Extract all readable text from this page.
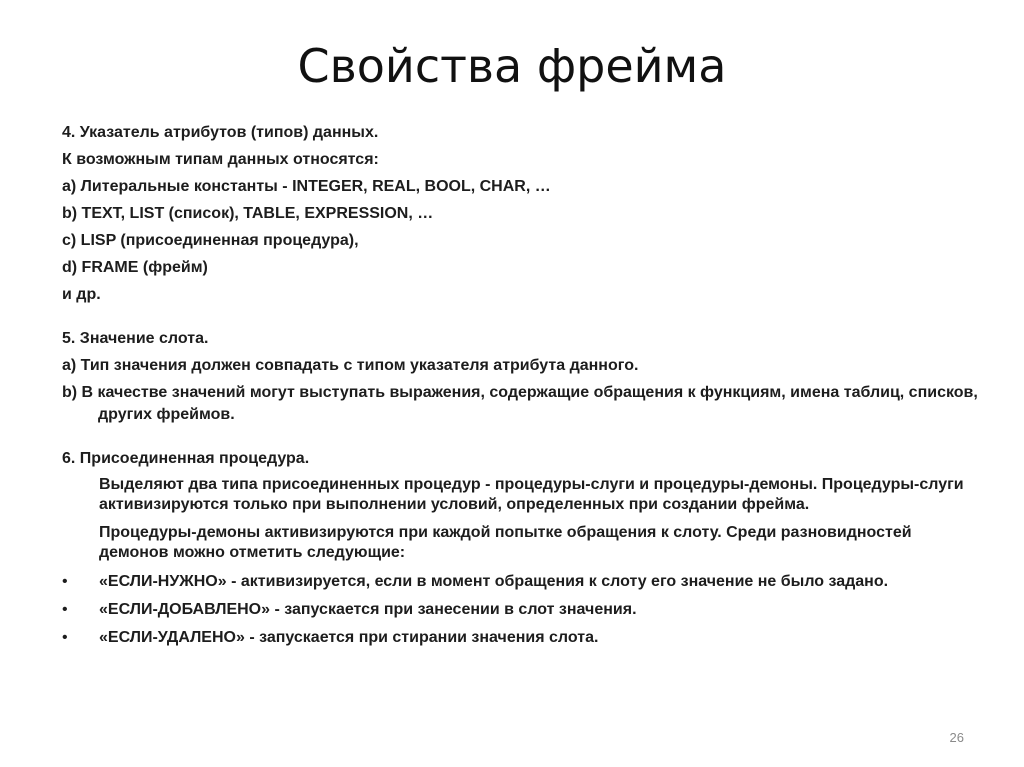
Свойства фрейма
4. Указатель атрибутов (типов) данных.
К возможным типам данных относятся:
a) Литеральные константы - INTEGER, REAL, BOOL, CHAR, …
b) TEXT, LIST (список), TABLE, EXPRESSION, …
c) LISP (присоединенная процедура),
d) FRAME (фрейм)
и др.
5. Значение слота.
a) Тип значения должен совпадать с типом указателя атрибута данного.
b) В качестве значений могут выступать выражения, содержащие обращения к функциям, имена таблиц, списков, других фреймов.
6. Присоединенная процедура.
Выделяют два типа присоединенных процедур - процедуры-слуги и процедуры-демоны. Процедуры-слуги активизируются только при выполнении условий, определенных при создании фрейма.
Процедуры-демоны активизируются при каждой попытке обращения к слоту. Среди разновидностей демонов можно отметить следующие:
• «ЕСЛИ-НУЖНО» - активизируется, если в момент обращения к слоту его значение не было задано.
• «ЕСЛИ-ДОБАВЛЕНО» - запускается при занесении в слот значения.
• «ЕСЛИ-УДАЛЕНО» - запускается при стирании значения слота.
26
